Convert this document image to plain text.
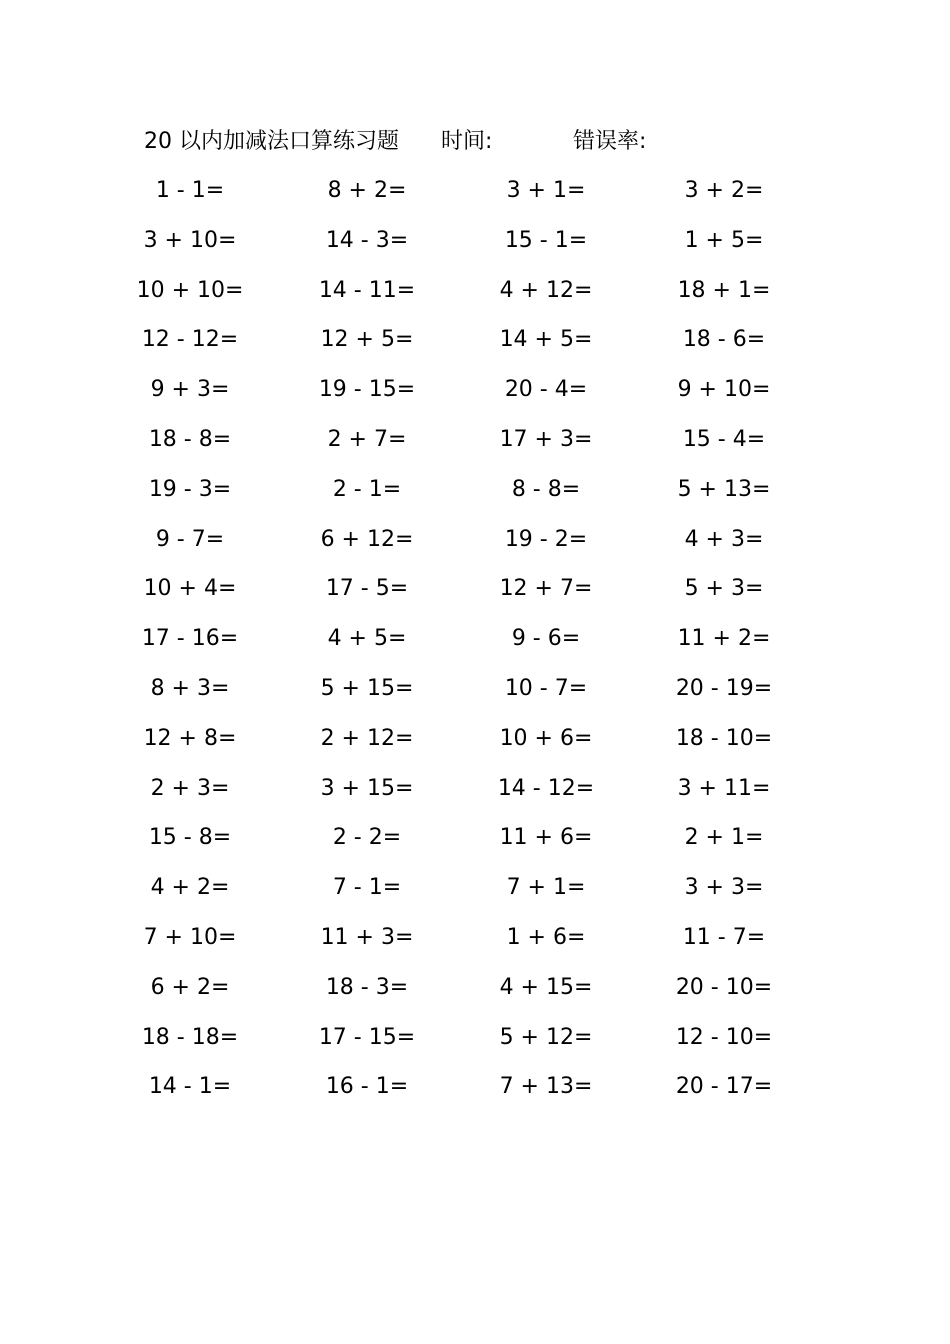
20 以内加减法口算练习题 时间:	错误率:
1 - 1=	8 + 2=	3 + 1=	3 + 2=
3 + 10=	14 - 3=	15 - 1=	1 + 5=
10 + 10=	14 - 11=	4 + 12=	18 + 1=
12 - 12=	12 + 5=	14 + 5=	18 - 6=
9 + 3=	19 - 15=	20 - 4=	9 + 10=
18 - 8=	2 + 7=	17 + 3=	15 - 4=
19 - 3=	2 - 1=	8 - 8=	5 + 13=
9 - 7=	6 + 12=	19 - 2=	4 + 3=
10 + 4=	17 - 5=	12 + 7=	5 + 3=
17 - 16=	4 + 5=	9 - 6=	11 + 2=
8 + 3=	5 + 15=	10 - 7=	20 - 19=
12 + 8=	2 + 12=	10 + 6=	18 - 10=
2 + 3=	3 + 15=	14 - 12=	3 + 11=
15 - 8=	2 - 2=	11 + 6=	2 + 1=
4 + 2=	7 - 1=	7 + 1=	3 + 3=
7 + 10=	11 + 3=	1 + 6=	11 - 7=
6 + 2=	18 - 3=	4 + 15=	20 - 10=
18 - 18=	17 - 15=	5 + 12=	12 - 10=
14 - 1=	16 - 1=	7 + 13=	20 - 17=
